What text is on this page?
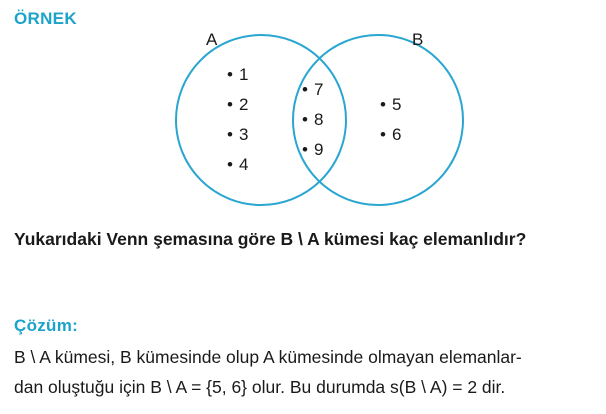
ÖRNEK
A	B
• 1
• 2
• 3
• 4
• 7
• 8
• 9
• 5
• 6
Yukarıdaki Venn şemasına göre B \ A kümesi kaç elemanlıdır?
Çözüm:
B \ A kümesi, B kümesinde olup A kümesinde olmayan elemanlar-
dan oluştuğu için B \ A = {5, 6} olur. Bu durumda s(B \ A) = 2 dir.
